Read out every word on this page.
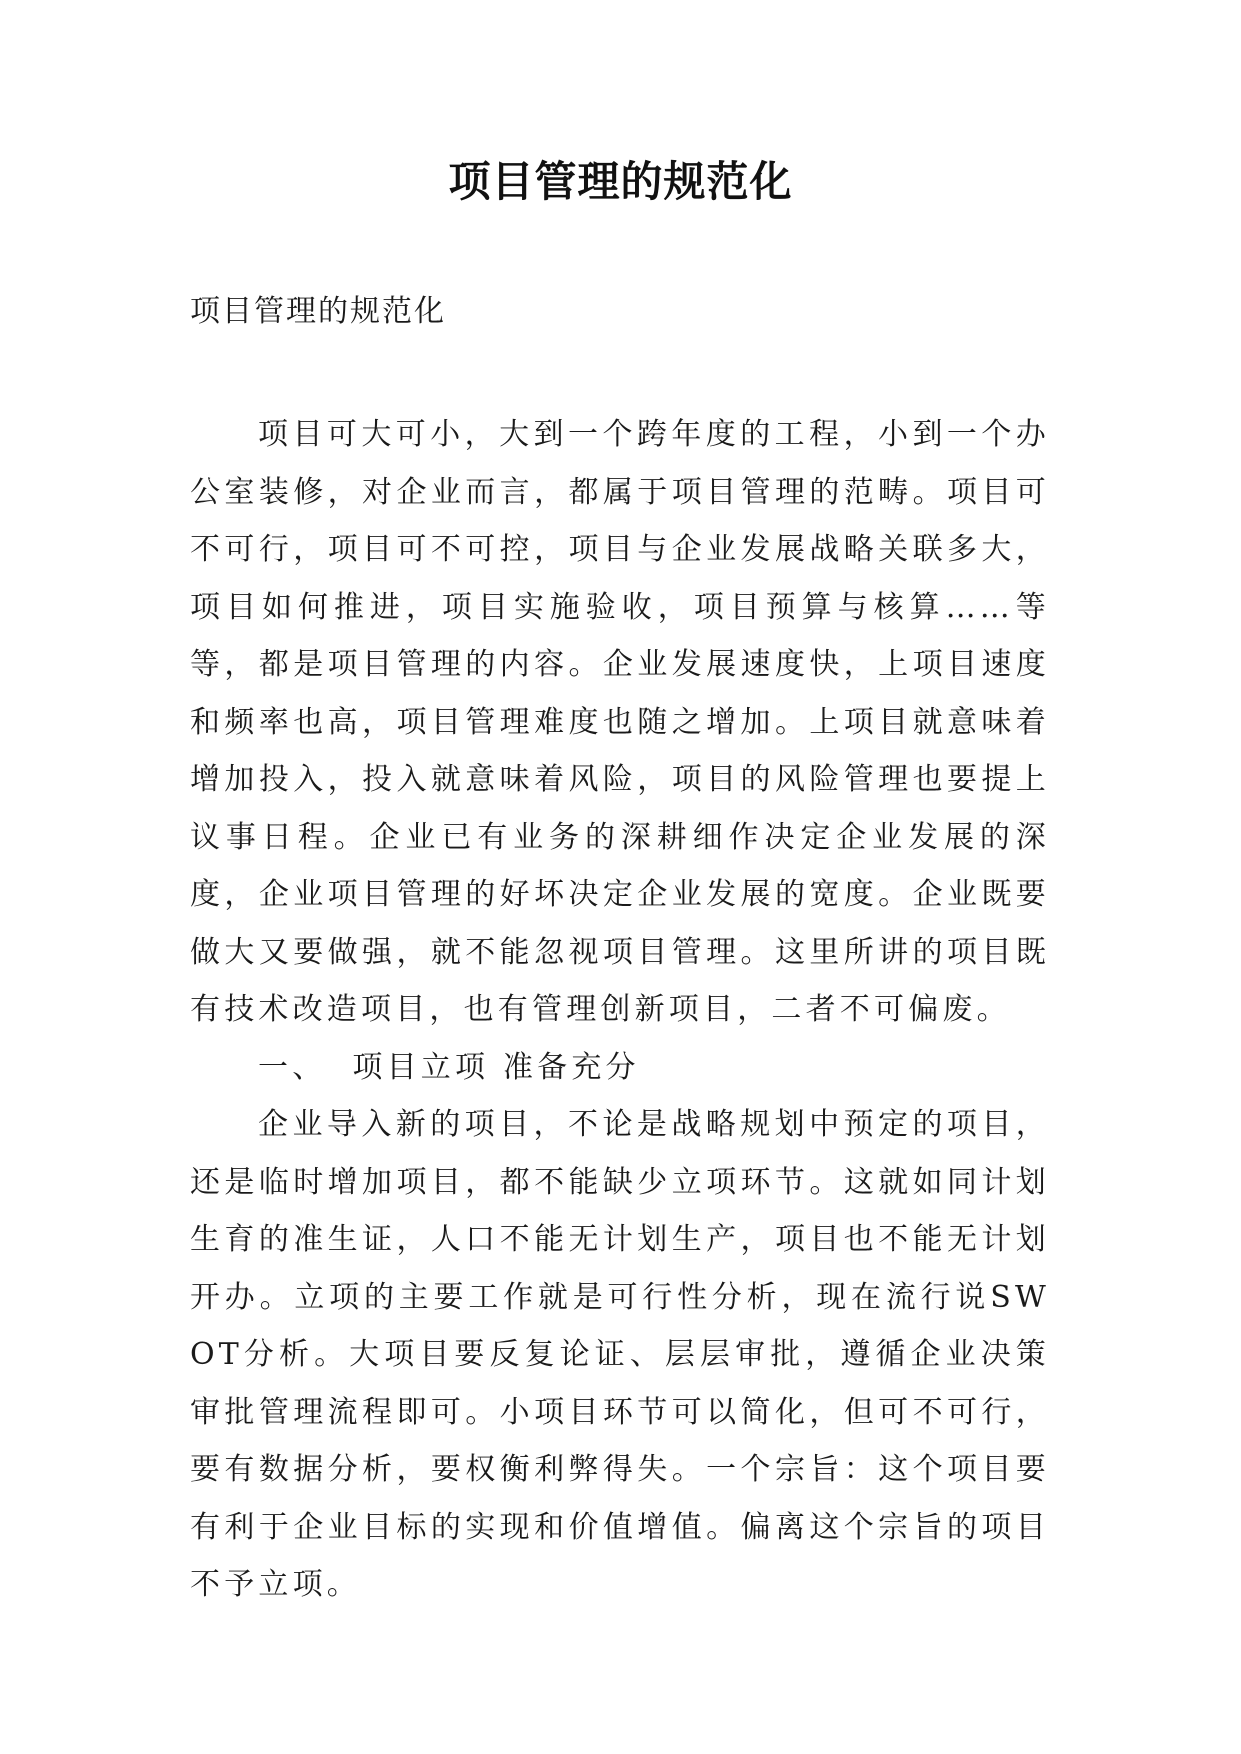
项目管理的规范化

项目管理的规范化

项目可大可小，大到一个跨年度的工程，小到一个办公室装修，对企业而言，都属于项目管理的范畴。项目可不可行，项目可不可控，项目与企业发展战略关联多大，项目如何推进，项目实施验收，项目预算与核算……等等，都是项目管理的内容。企业发展速度快，上项目速度和频率也高，项目管理难度也随之增加。上项目就意味着增加投入，投入就意味着风险，项目的风险管理也要提上议事日程。企业已有业务的深耕细作决定企业发展的深度，企业项目管理的好坏决定企业发展的宽度。企业既要做大又要做强，就不能忽视项目管理。这里所讲的项目既有技术改造项目，也有管理创新项目，二者不可偏废。

一、 项目立项 准备充分

企业导入新的项目，不论是战略规划中预定的项目，还是临时增加项目，都不能缺少立项环节。这就如同计划生育的准生证，人口不能无计划生产，项目也不能无计划开办。立项的主要工作就是可行性分析，现在流行说SWOT分析。大项目要反复论证、层层审批，遵循企业决策审批管理流程即可。小项目环节可以简化，但可不可行，要有数据分析，要权衡利弊得失。一个宗旨：这个项目要有利于企业目标的实现和价值增值。偏离这个宗旨的项目不予立项。
